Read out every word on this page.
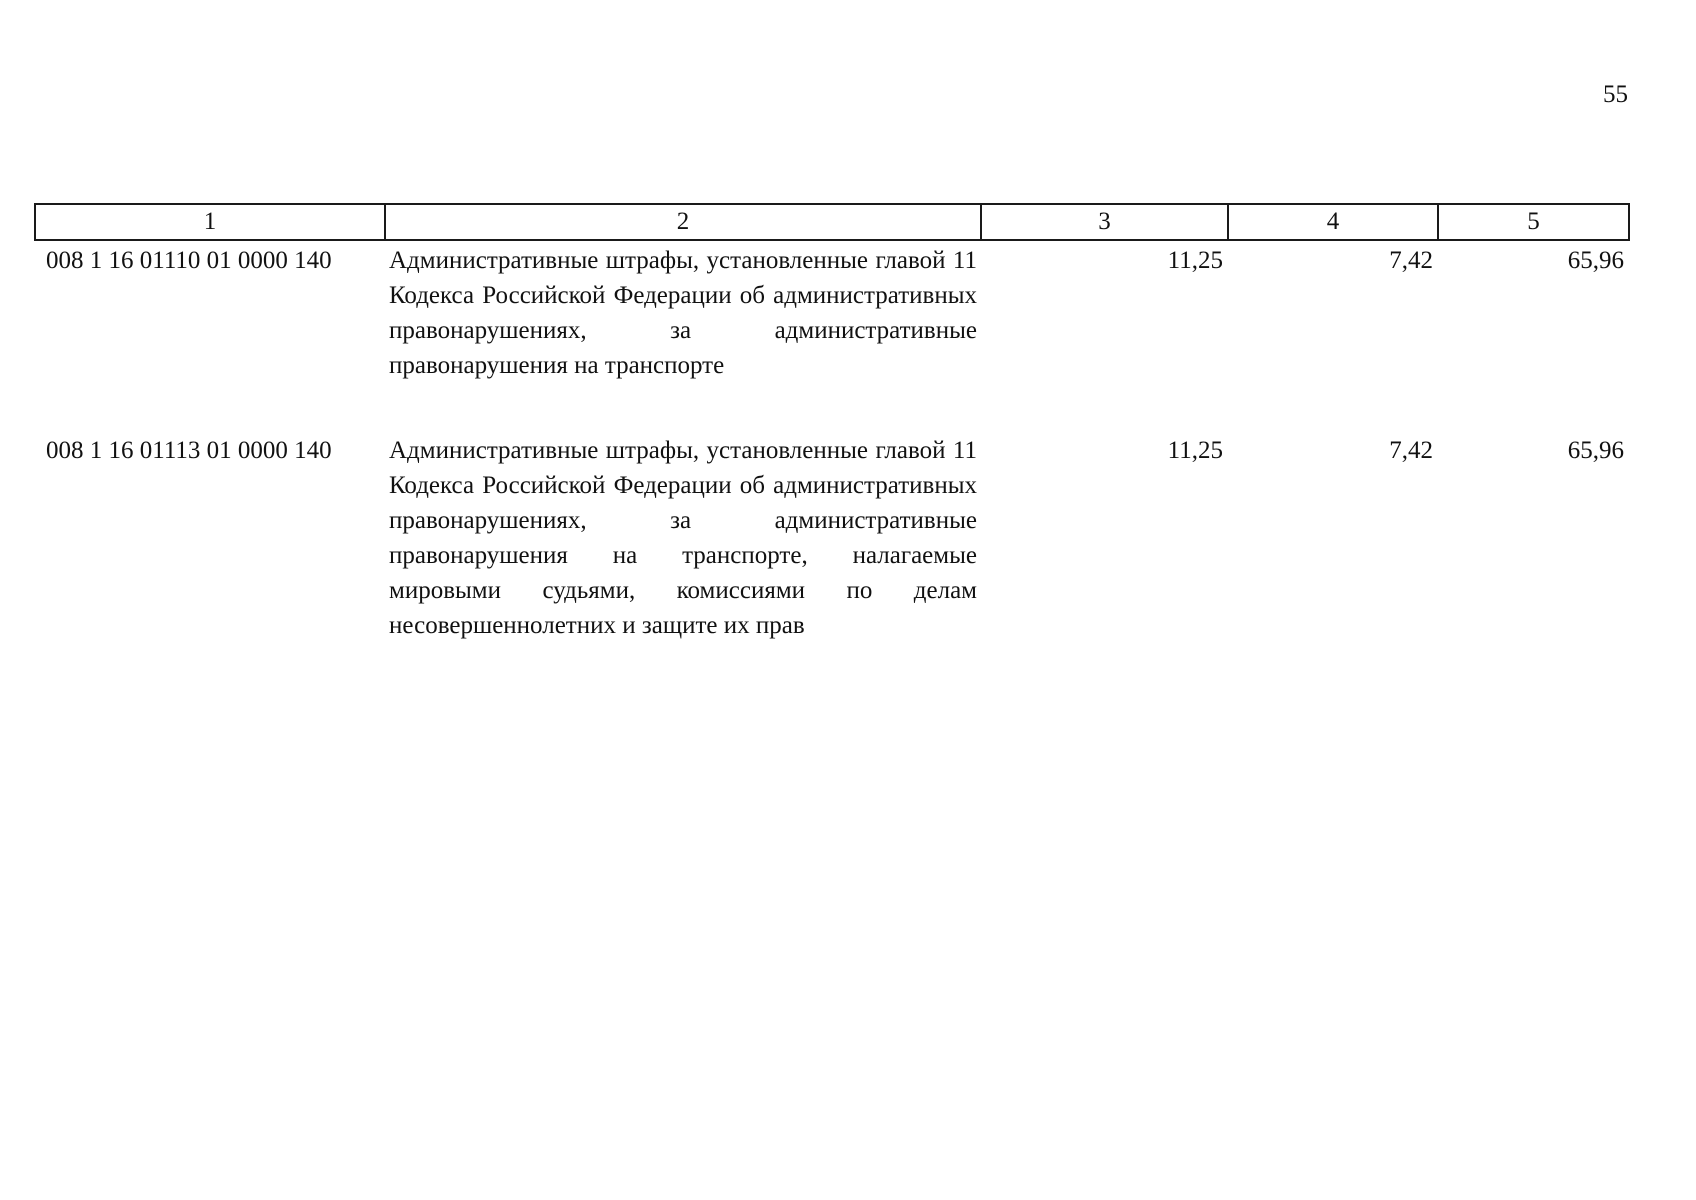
55
1	2	3	4	5
008 1 16 01110 01 0000 140	Административные штрафы, установленные главой 11 Кодекса Российской Федерации об административных правонарушениях, за административные правонарушения на транспорте	11,25	7,42	65,96
008 1 16 01113 01 0000 140	Административные штрафы, установленные главой 11 Кодекса Российской Федерации об административных правонарушениях, за административные правонарушения на транспорте, налагаемые мировыми судьями, комиссиями по делам несовершеннолетних и защите их прав	11,25	7,42	65,96
